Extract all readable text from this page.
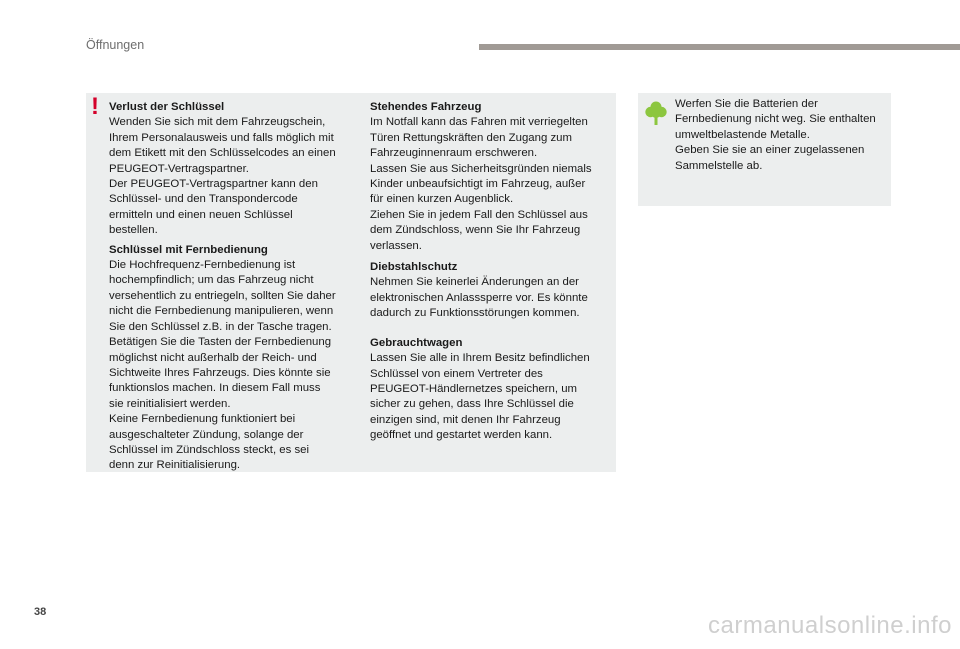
Öffnungen
! Verlust der Schlüssel
Wenden Sie sich mit dem Fahrzeugschein,
Ihrem Personalausweis und falls möglich mit
dem Etikett mit den Schlüsselcodes an einen
PEUGEOT-Vertragspartner.
Der PEUGEOT-Vertragspartner kann den
Schlüssel- und den Transpondercode
ermitteln und einen neuen Schlüssel
bestellen.
Schlüssel mit Fernbedienung
Die Hochfrequenz-Fernbedienung ist
hochempfindlich; um das Fahrzeug nicht
versehentlich zu entriegeln, sollten Sie daher
nicht die Fernbedienung manipulieren, wenn
Sie den Schlüssel z.B. in der Tasche tragen.
Betätigen Sie die Tasten der Fernbedienung
möglichst nicht außerhalb der Reich- und
Sichtweite Ihres Fahrzeugs. Dies könnte sie
funktionslos machen. In diesem Fall muss
sie reinitialisiert werden.
Keine Fernbedienung funktioniert bei
ausgeschalteter Zündung, solange der
Schlüssel im Zündschloss steckt, es sei
denn zur Reinitialisierung.
Stehendes Fahrzeug
Im Notfall kann das Fahren mit verriegelten
Türen Rettungskräften den Zugang zum
Fahrzeuginnenraum erschweren.
Lassen Sie aus Sicherheitsgründen niemals
Kinder unbeaufsichtigt im Fahrzeug, außer
für einen kurzen Augenblick.
Ziehen Sie in jedem Fall den Schlüssel aus
dem Zündschloss, wenn Sie Ihr Fahrzeug
verlassen.
Diebstahlschutz
Nehmen Sie keinerlei Änderungen an der
elektronischen Anlasssperre vor. Es könnte
dadurch zu Funktionsstörungen kommen.
Gebrauchtwagen
Lassen Sie alle in Ihrem Besitz befindlichen
Schlüssel von einem Vertreter des
PEUGEOT-Händlernetzes speichern, um
sicher zu gehen, dass Ihre Schlüssel die
einzigen sind, mit denen Ihr Fahrzeug
geöffnet und gestartet werden kann.
Werfen Sie die Batterien der
Fernbedienung nicht weg. Sie enthalten
umweltbelastende Metalle.
Geben Sie sie an einer zugelassenen
Sammelstelle ab.
38	carmanualsonline.info
